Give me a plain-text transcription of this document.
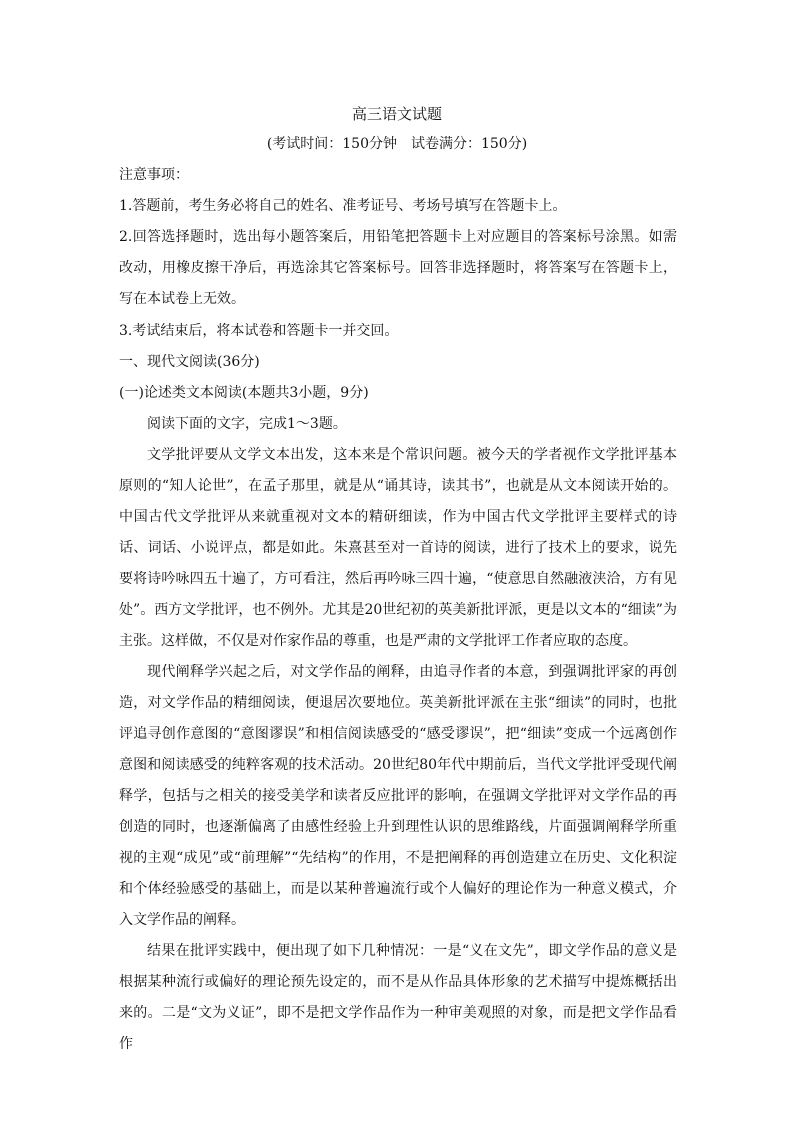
高三语文试题
(考试时间：150分钟　试卷满分：150分)
注意事项：
1.答题前，考生务必将自己的姓名、准考证号、考场号填写在答题卡上。
2.回答选择题时，选出每小题答案后，用铅笔把答题卡上对应题目的答案标号涂黑。如需改动，用橡皮擦干净后，再选涂其它答案标号。回答非选择题时，将答案写在答题卡上，写在本试卷上无效。
3.考试结束后，将本试卷和答题卡一并交回。
一、现代文阅读(36分)
(一)论述类文本阅读(本题共3小题，9分)
阅读下面的文字，完成1～3题。
文学批评要从文学文本出发，这本来是个常识问题。被今天的学者视作文学批评基本原则的“知人论世”，在孟子那里，就是从“诵其诗，读其书”，也就是从文本阅读开始的。中国古代文学批评从来就重视对文本的精研细读，作为中国古代文学批评主要样式的诗话、词话、小说评点，都是如此。朱熹甚至对一首诗的阅读，进行了技术上的要求，说先要将诗吟咏四五十遍了，方可看注，然后再吟咏三四十遍，“使意思自然融液浃洽，方有见处”。西方文学批评，也不例外。尤其是20世纪初的英美新批评派，更是以文本的“细读”为主张。这样做，不仅是对作家作品的尊重，也是严肃的文学批评工作者应取的态度。
现代阐释学兴起之后，对文学作品的阐释，由追寻作者的本意，到强调批评家的再创造，对文学作品的精细阅读，便退居次要地位。英美新批评派在主张“细读”的同时，也批评追寻创作意图的“意图谬误”和相信阅读感受的“感受谬误”，把“细读”变成一个远离创作意图和阅读感受的纯粹客观的技术活动。20世纪80年代中期前后，当代文学批评受现代阐释学，包括与之相关的接受美学和读者反应批评的影响，在强调文学批评对文学作品的再创造的同时，也逐渐偏离了由感性经验上升到理性认识的思维路线，片面强调阐释学所重视的主观“成见”或“前理解”“先结构”的作用，不是把阐释的再创造建立在历史、文化积淀和个体经验感受的基础上，而是以某种普遍流行或个人偏好的理论作为一种意义模式，介入文学作品的阐释。
结果在批评实践中，便出现了如下几种情况：一是“义在文先”，即文学作品的意义是根据某种流行或偏好的理论预先设定的，而不是从作品具体形象的艺术描写中提炼概括出来的。二是“文为义证”，即不是把文学作品作为一种审美观照的对象，而是把文学作品看作
